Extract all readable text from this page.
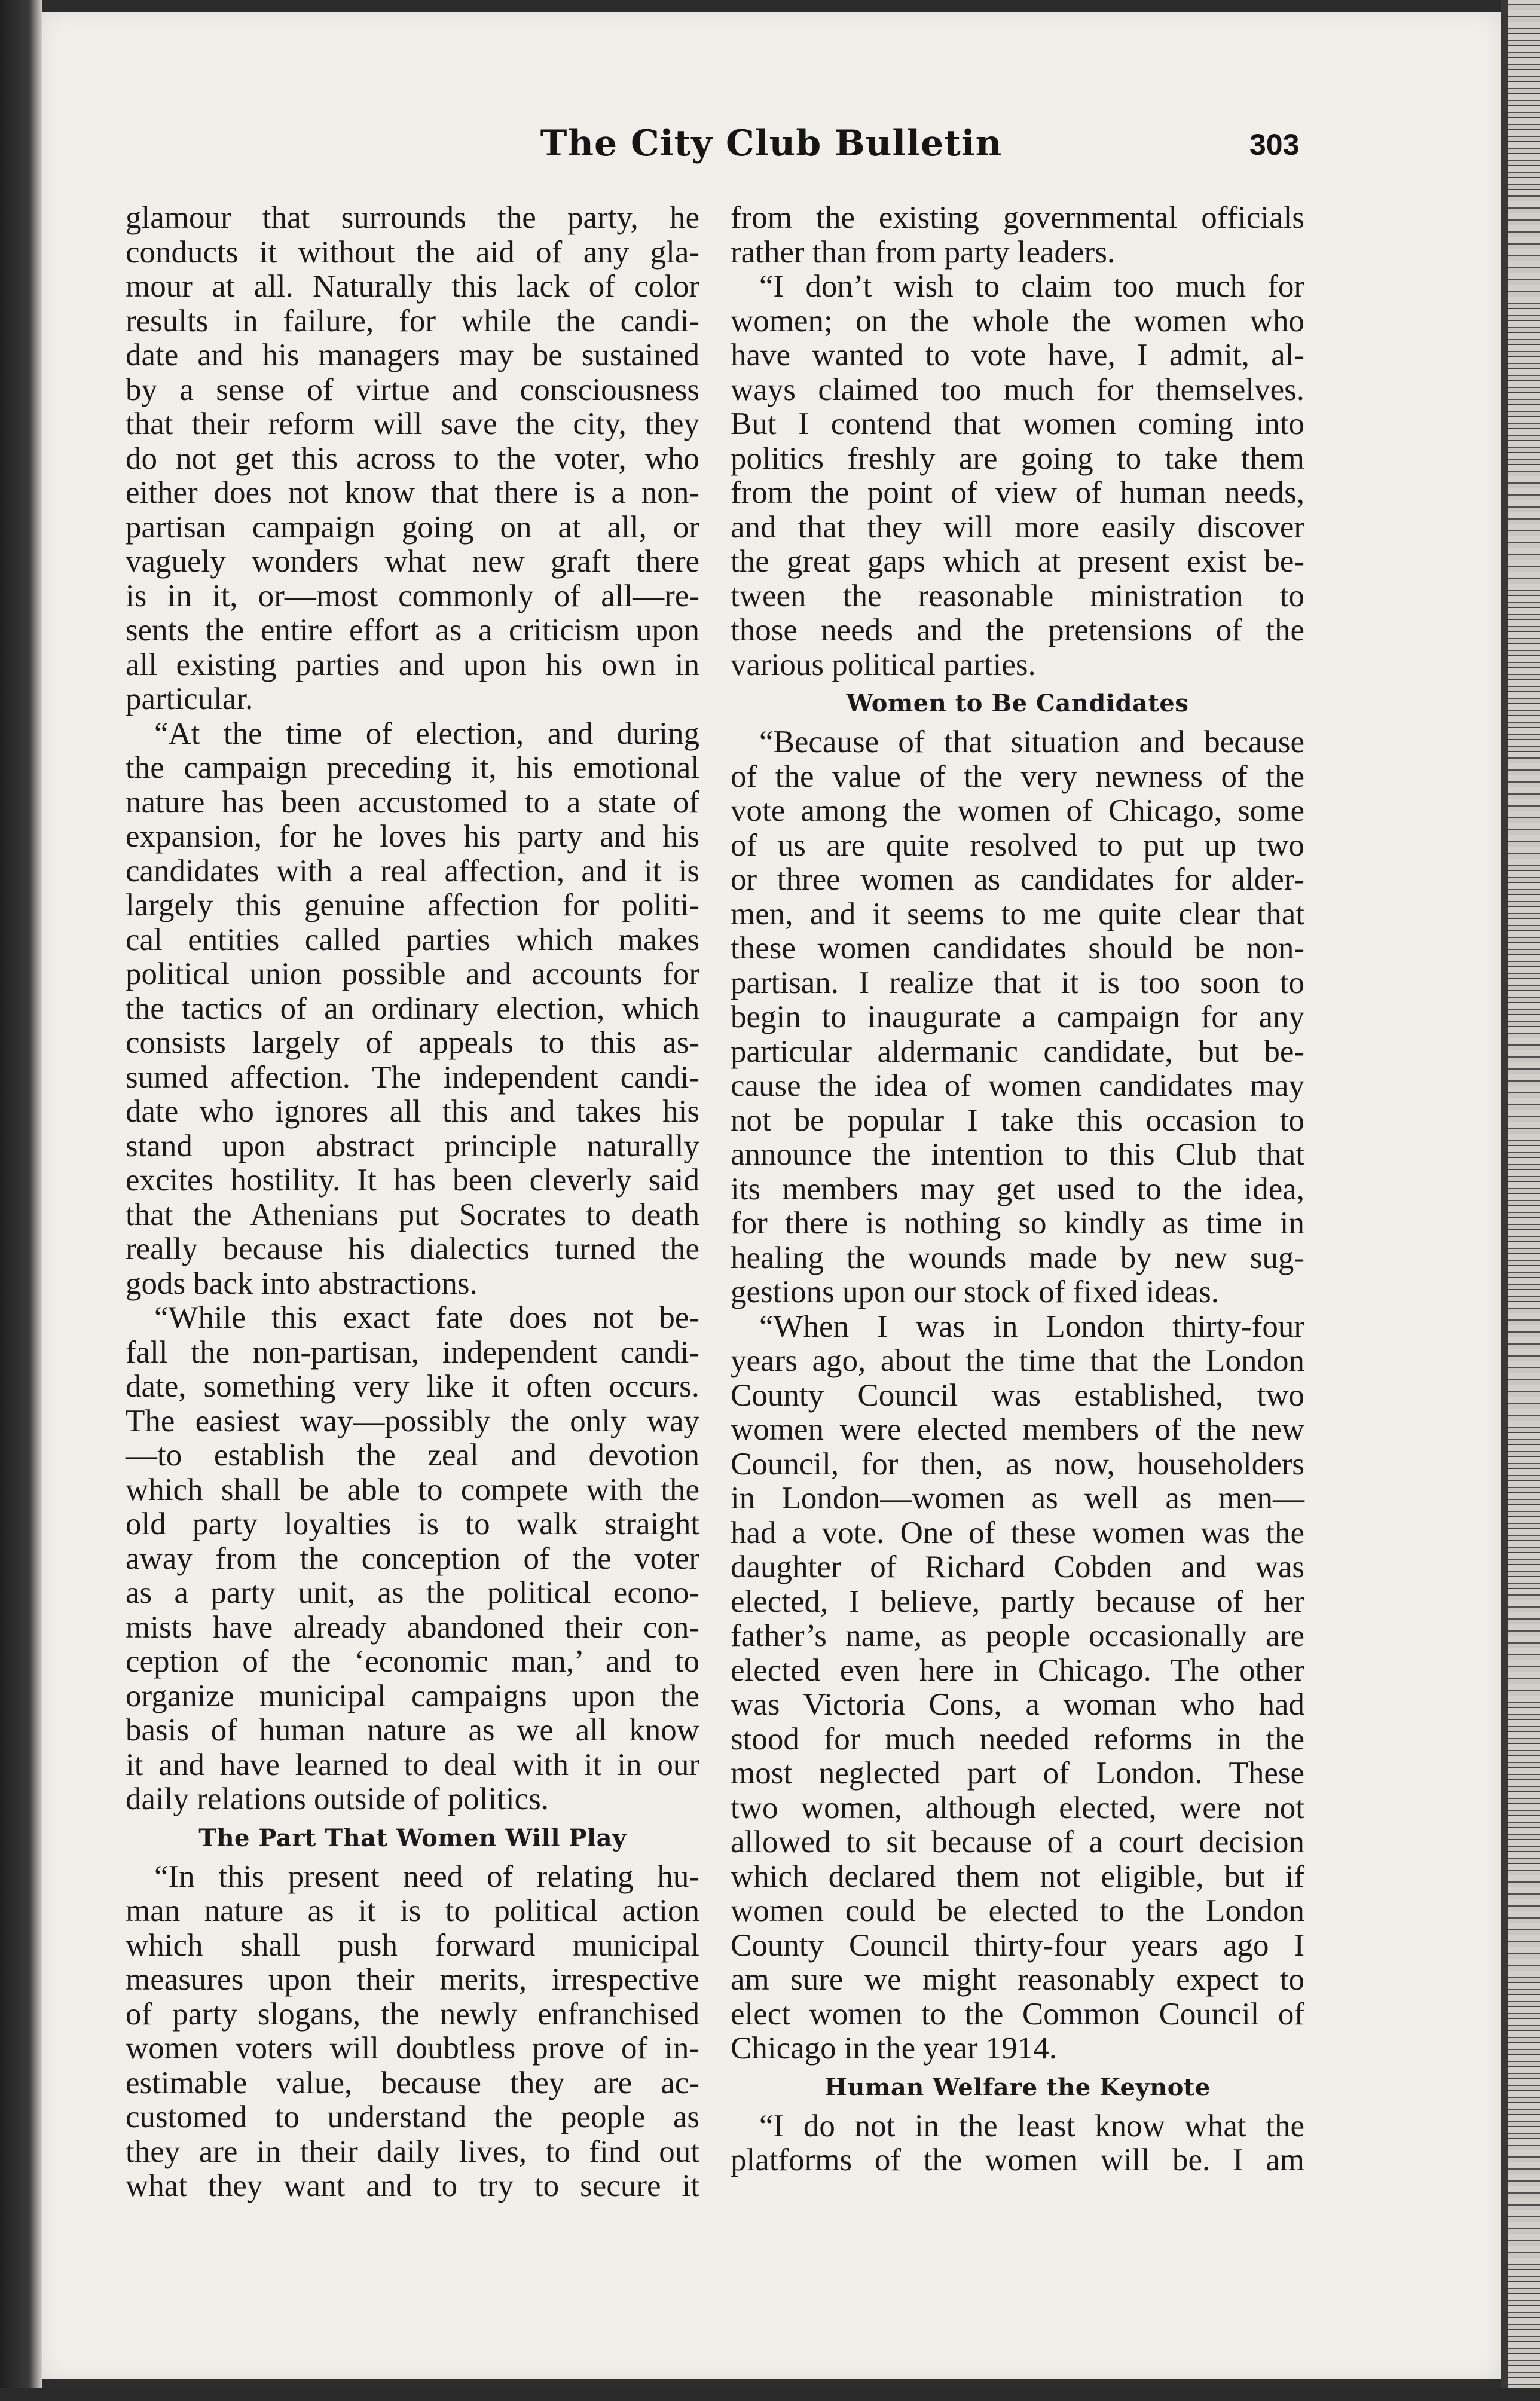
The City Club Bulletin	303
glamour that surrounds the party, he
conducts it without the aid of any gla-
mour at all. Naturally this lack of color
results in failure, for while the candi-
date and his managers may be sustained
by a sense of virtue and consciousness
that their reform will save the city, they
do not get this across to the voter, who
either does not know that there is a non-
partisan campaign going on at all, or
vaguely wonders what new graft there
is in it, or—most commonly of all—re-
sents the entire effort as a criticism upon
all existing parties and upon his own in
particular.
“At the time of election, and during
the campaign preceding it, his emotional
nature has been accustomed to a state of
expansion, for he loves his party and his
candidates with a real affection, and it is
largely this genuine affection for politi-
cal entities called parties which makes
political union possible and accounts for
the tactics of an ordinary election, which
consists largely of appeals to this as-
sumed affection. The independent candi-
date who ignores all this and takes his
stand upon abstract principle naturally
excites hostility. It has been cleverly said
that the Athenians put Socrates to death
really because his dialectics turned the
gods back into abstractions.
“While this exact fate does not be-
fall the non-partisan, independent candi-
date, something very like it often occurs.
The easiest way—possibly the only way
—to establish the zeal and devotion
which shall be able to compete with the
old party loyalties is to walk straight
away from the conception of the voter
as a party unit, as the political econo-
mists have already abandoned their con-
ception of the ‘economic man,’ and to
organize municipal campaigns upon the
basis of human nature as we all know
it and have learned to deal with it in our
daily relations outside of politics.
The Part That Women Will Play
“In this present need of relating hu-
man nature as it is to political action
which shall push forward municipal
measures upon their merits, irrespective
of party slogans, the newly enfranchised
women voters will doubtless prove of in-
estimable value, because they are ac-
customed to understand the people as
they are in their daily lives, to find out
what they want and to try to secure it
from the existing governmental officials
rather than from party leaders.
“I don’t wish to claim too much for
women; on the whole the women who
have wanted to vote have, I admit, al-
ways claimed too much for themselves.
But I contend that women coming into
politics freshly are going to take them
from the point of view of human needs,
and that they will more easily discover
the great gaps which at present exist be-
tween the reasonable ministration to
those needs and the pretensions of the
various political parties.
Women to Be Candidates
“Because of that situation and because
of the value of the very newness of the
vote among the women of Chicago, some
of us are quite resolved to put up two
or three women as candidates for alder-
men, and it seems to me quite clear that
these women candidates should be non-
partisan. I realize that it is too soon to
begin to inaugurate a campaign for any
particular aldermanic candidate, but be-
cause the idea of women candidates may
not be popular I take this occasion to
announce the intention to this Club that
its members may get used to the idea,
for there is nothing so kindly as time in
healing the wounds made by new sug-
gestions upon our stock of fixed ideas.
“When I was in London thirty-four
years ago, about the time that the London
County Council was established, two
women were elected members of the new
Council, for then, as now, householders
in London—women as well as men—
had a vote. One of these women was the
daughter of Richard Cobden and was
elected, I believe, partly because of her
father’s name, as people occasionally are
elected even here in Chicago. The other
was Victoria Cons, a woman who had
stood for much needed reforms in the
most neglected part of London. These
two women, although elected, were not
allowed to sit because of a court decision
which declared them not eligible, but if
women could be elected to the London
County Council thirty-four years ago I
am sure we might reasonably expect to
elect women to the Common Council of
Chicago in the year 1914.
Human Welfare the Keynote
“I do not in the least know what the
platforms of the women will be. I am
